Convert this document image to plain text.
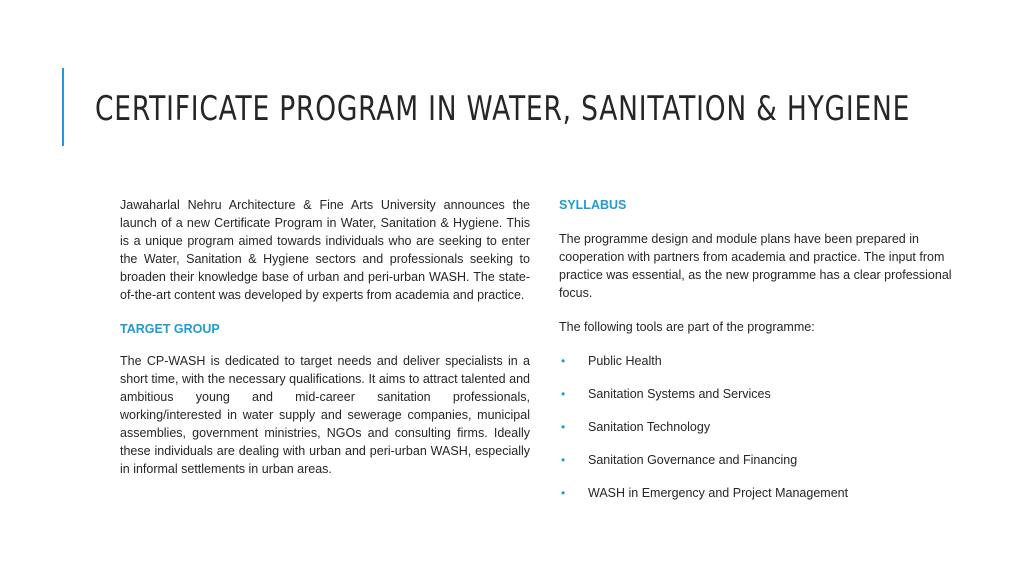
CERTIFICATE PROGRAM IN WATER, SANITATION & HYGIENE

Jawaharlal Nehru Architecture & Fine Arts University announces the launch of a new Certificate Program in Water, Sanitation & Hygiene. This is a unique program aimed towards individuals who are seeking to enter the Water, Sanitation & Hygiene sectors and professionals seeking to broaden their knowledge base of urban and peri-urban WASH. The state-of-the-art content was developed by experts from academia and practice.

TARGET GROUP

The CP-WASH is dedicated to target needs and deliver specialists in a short time, with the necessary qualifications. It aims to attract talented and ambitious young and mid-career sanitation professionals, working/interested in water supply and sewerage companies, municipal assemblies, government ministries, NGOs and consulting firms. Ideally these individuals are dealing with urban and peri-urban WASH, especially in informal settlements in urban areas.

SYLLABUS

The programme design and module plans have been prepared in cooperation with partners from academia and practice. The input from practice was essential, as the new programme has a clear professional focus.

The following tools are part of the programme:

• Public Health
• Sanitation Systems and Services
• Sanitation Technology
• Sanitation Governance and Financing
• WASH in Emergency and Project Management
